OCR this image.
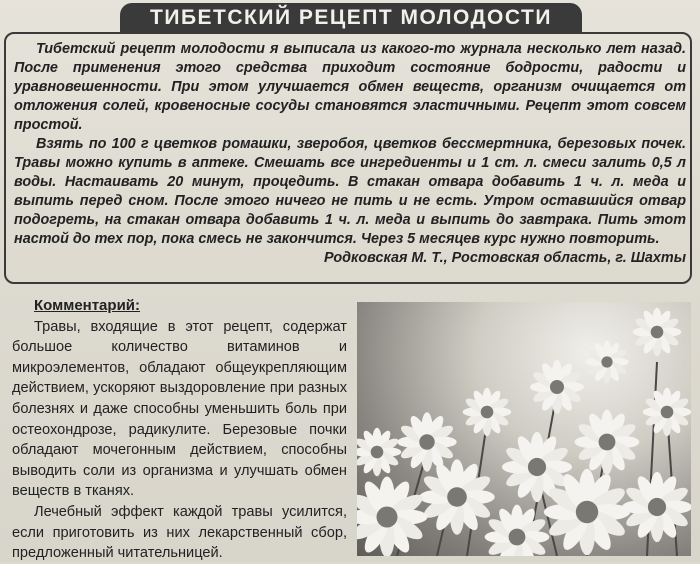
ТИБЕТСКИЙ РЕЦЕПТ МОЛОДОСТИ

Тибетский рецепт молодости я выписала из какого-то журнала несколько лет назад. После применения этого средства приходит состояние бодрости, радости и уравновешенности. При этом улучшается обмен веществ, организм очищается от отложения солей, кровеносные сосуды становятся эластичными. Рецепт этот совсем простой.

Взять по 100 г цветков ромашки, зверобоя, цветков бессмертника, березовых почек. Травы можно купить в аптеке. Смешать все ингредиенты и 1 ст. л. смеси залить 0,5 л воды. Настаивать 20 минут, процедить. В стакан отвара добавить 1 ч. л. меда и выпить перед сном. После этого ничего не пить и не есть. Утром оставшийся отвар подогреть, на стакан отвара добавить 1 ч. л. меда и выпить до завтрака. Пить этот настой до тех пор, пока смесь не закончится. Через 5 месяцев курс нужно повторить.

Родковская М. Т., Ростовская область, г. Шахты

Комментарий:

Травы, входящие в этот рецепт, содержат большое количество витаминов и микроэлементов, обладают общеукрепляющим действием, ускоряют выздоровление при разных болезнях и даже способны уменьшить боль при остеохондрозе, радикулите. Березовые почки обладают мочегонным действием, способны выводить соли из организма и улучшать обмен веществ в тканях.

Лечебный эффект каждой травы усилится, если приготовить из них лекарственный сбор, предложенный читательницей.
